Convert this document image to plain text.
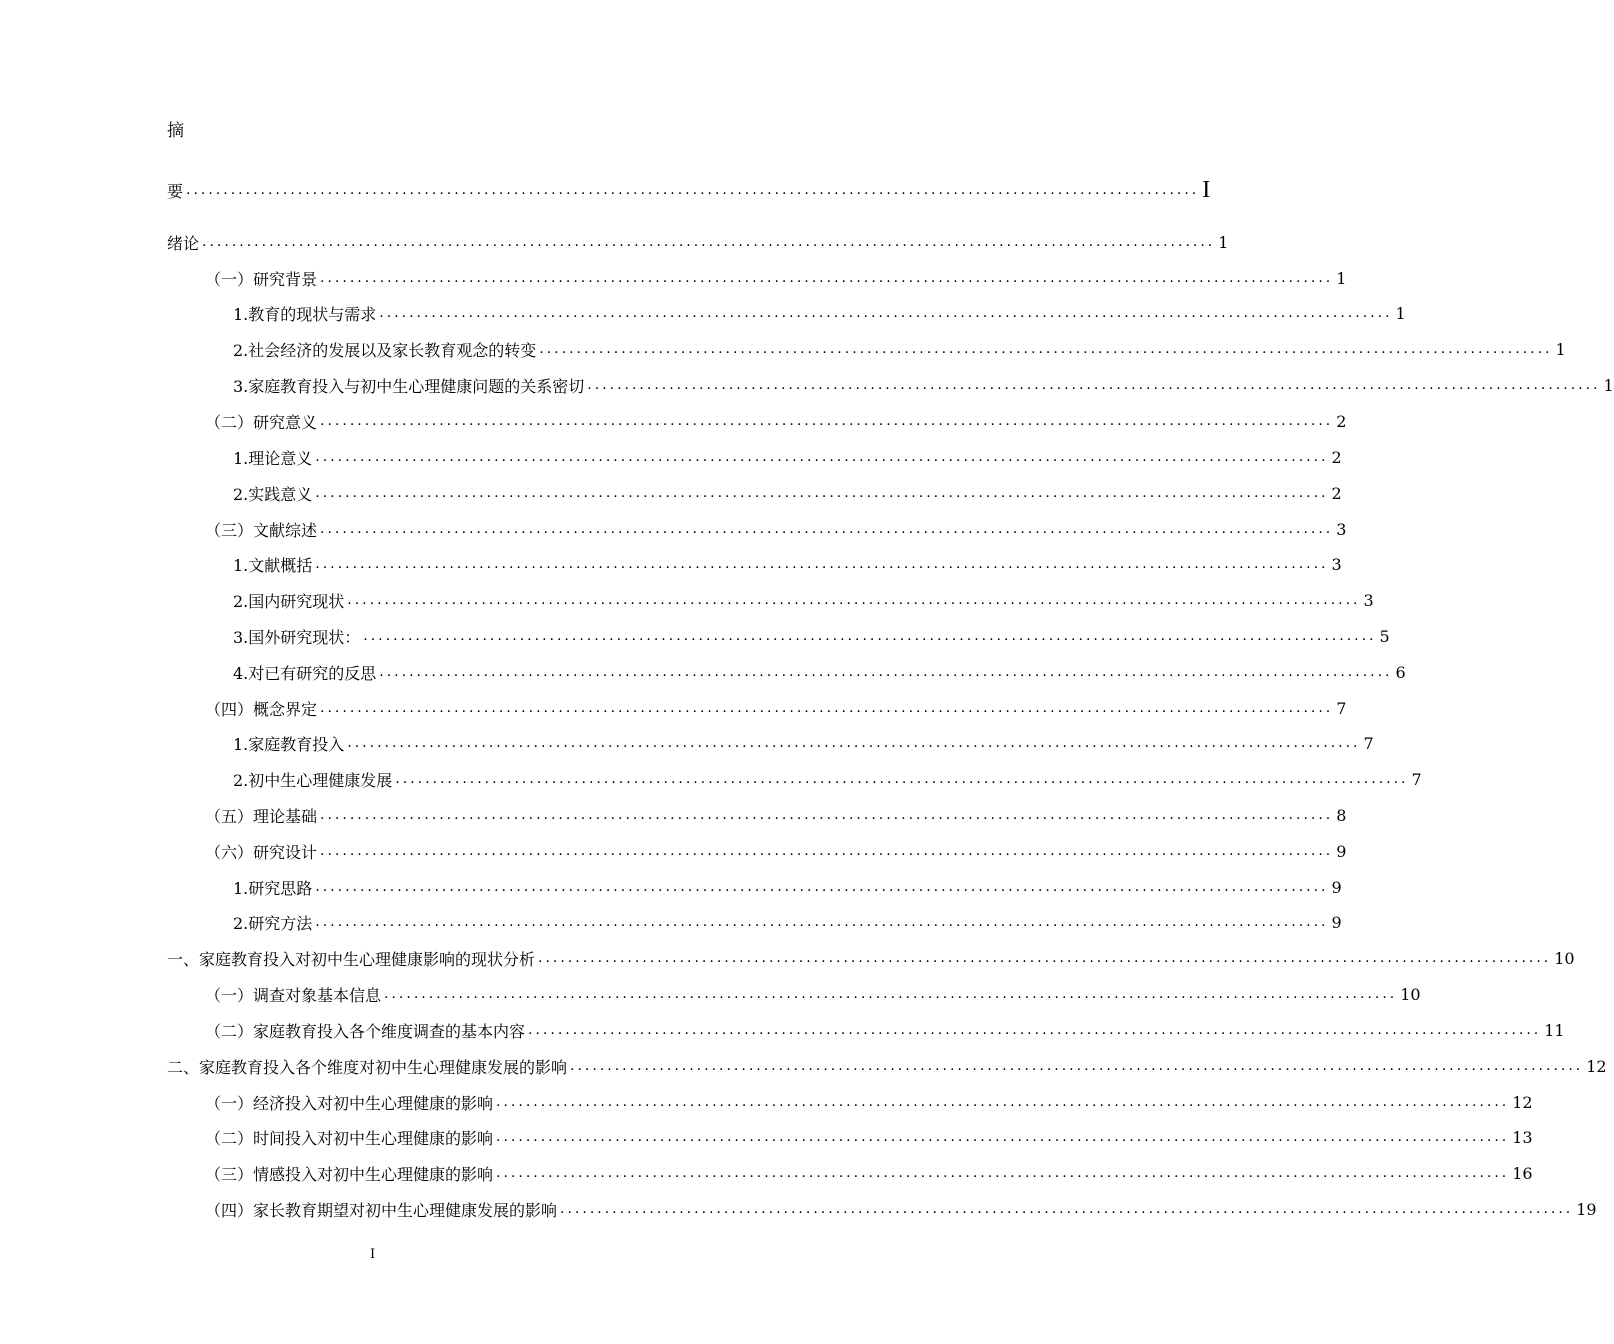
摘
要 ........................................................................................................................................ I
绪论 ........................................................................................................................................ 1
（一）研究背景 ........................................................................................................................................ 1
1.教育的现状与需求 ........................................................................................................................................ 1
2.社会经济的发展以及家长教育观念的转变 ........................................................................................................................................ 1
3.家庭教育投入与初中生心理健康问题的关系密切 ........................................................................................................................................ 1
（二）研究意义 ........................................................................................................................................ 2
1.理论意义 ........................................................................................................................................ 2
2.实践意义 ........................................................................................................................................ 2
（三）文献综述 ........................................................................................................................................ 3
1.文献概括 ........................................................................................................................................ 3
2.国内研究现状 ........................................................................................................................................ 3
3.国外研究现状： ........................................................................................................................................ 5
4.对已有研究的反思 ........................................................................................................................................ 6
（四）概念界定 ........................................................................................................................................ 7
1.家庭教育投入 ........................................................................................................................................ 7
2.初中生心理健康发展 ........................................................................................................................................ 7
（五）理论基础 ........................................................................................................................................ 8
（六）研究设计 ........................................................................................................................................ 9
1.研究思路 ........................................................................................................................................ 9
2.研究方法 ........................................................................................................................................ 9
一、家庭教育投入对初中生心理健康影响的现状分析 ........................................................................................................................................ 10
（一）调查对象基本信息 ........................................................................................................................................ 10
（二）家庭教育投入各个维度调查的基本内容 ........................................................................................................................................ 11
二、家庭教育投入各个维度对初中生心理健康发展的影响 ........................................................................................................................................ 12
（一）经济投入对初中生心理健康的影响 ........................................................................................................................................ 12
（二）时间投入对初中生心理健康的影响 ........................................................................................................................................ 13
（三）情感投入对初中生心理健康的影响 ........................................................................................................................................ 16
（四）家长教育期望对初中生心理健康发展的影响 ........................................................................................................................................ 19
I
